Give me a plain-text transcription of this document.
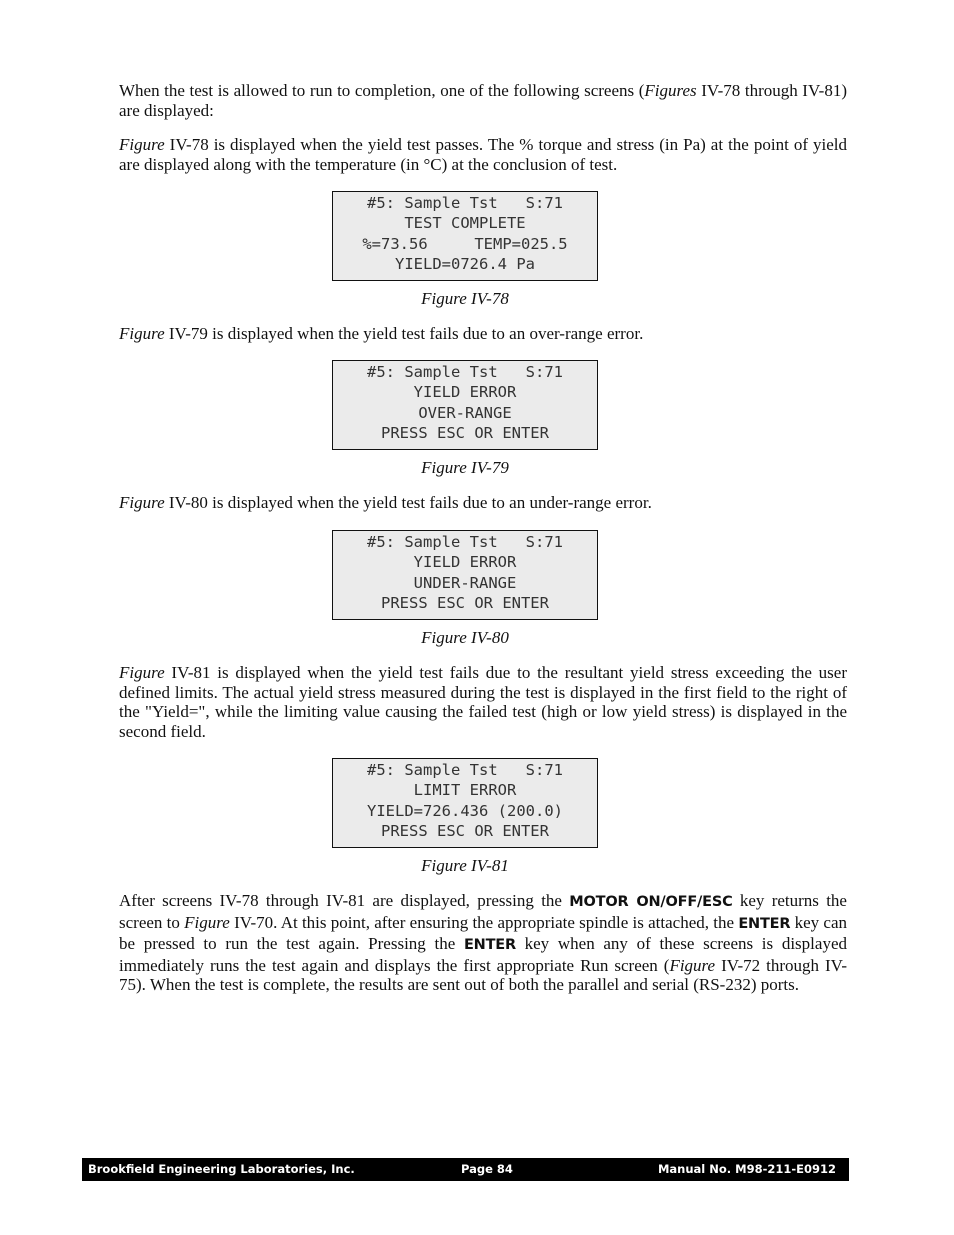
When the test is allowed to run to completion, one of the following screens (Figures IV-78 through IV-81) are displayed:

Figure IV-78 is displayed when the yield test passes. The % torque and stress (in Pa) at the point of yield are displayed along with the temperature (in °C) at the conclusion of test.

#5: Sample Tst   S:71
TEST COMPLETE
%=73.56     TEMP=025.5
YIELD=0726.4 Pa
Figure IV-78

Figure IV-79 is displayed when the yield test fails due to an over-range error.

#5: Sample Tst   S:71
YIELD ERROR
OVER-RANGE
PRESS ESC OR ENTER
Figure IV-79

Figure IV-80 is displayed when the yield test fails due to an under-range error.

#5: Sample Tst   S:71
YIELD ERROR
UNDER-RANGE
PRESS ESC OR ENTER
Figure IV-80

Figure IV-81 is displayed when the yield test fails due to the resultant yield stress exceeding the user defined limits. The actual yield stress measured during the test is displayed in the first field to the right of the "Yield=", while the limiting value causing the failed test (high or low yield stress) is displayed in the second field.

#5: Sample Tst   S:71
LIMIT ERROR
YIELD=726.436 (200.0)
PRESS ESC OR ENTER
Figure IV-81

After screens IV-78 through IV-81 are displayed, pressing the MOTOR ON/OFF/ESC key returns the screen to Figure IV-70. At this point, after ensuring the appropriate spindle is attached, the ENTER key can be pressed to run the test again. Pressing the ENTER key when any of these screens is displayed immediately runs the test again and displays the first appropriate Run screen (Figure IV-72 through IV-75). When the test is complete, the results are sent out of both the parallel and serial (RS-232) ports.

Brookfield Engineering Laboratories, Inc.	Page 84	Manual No. M98-211-E0912
